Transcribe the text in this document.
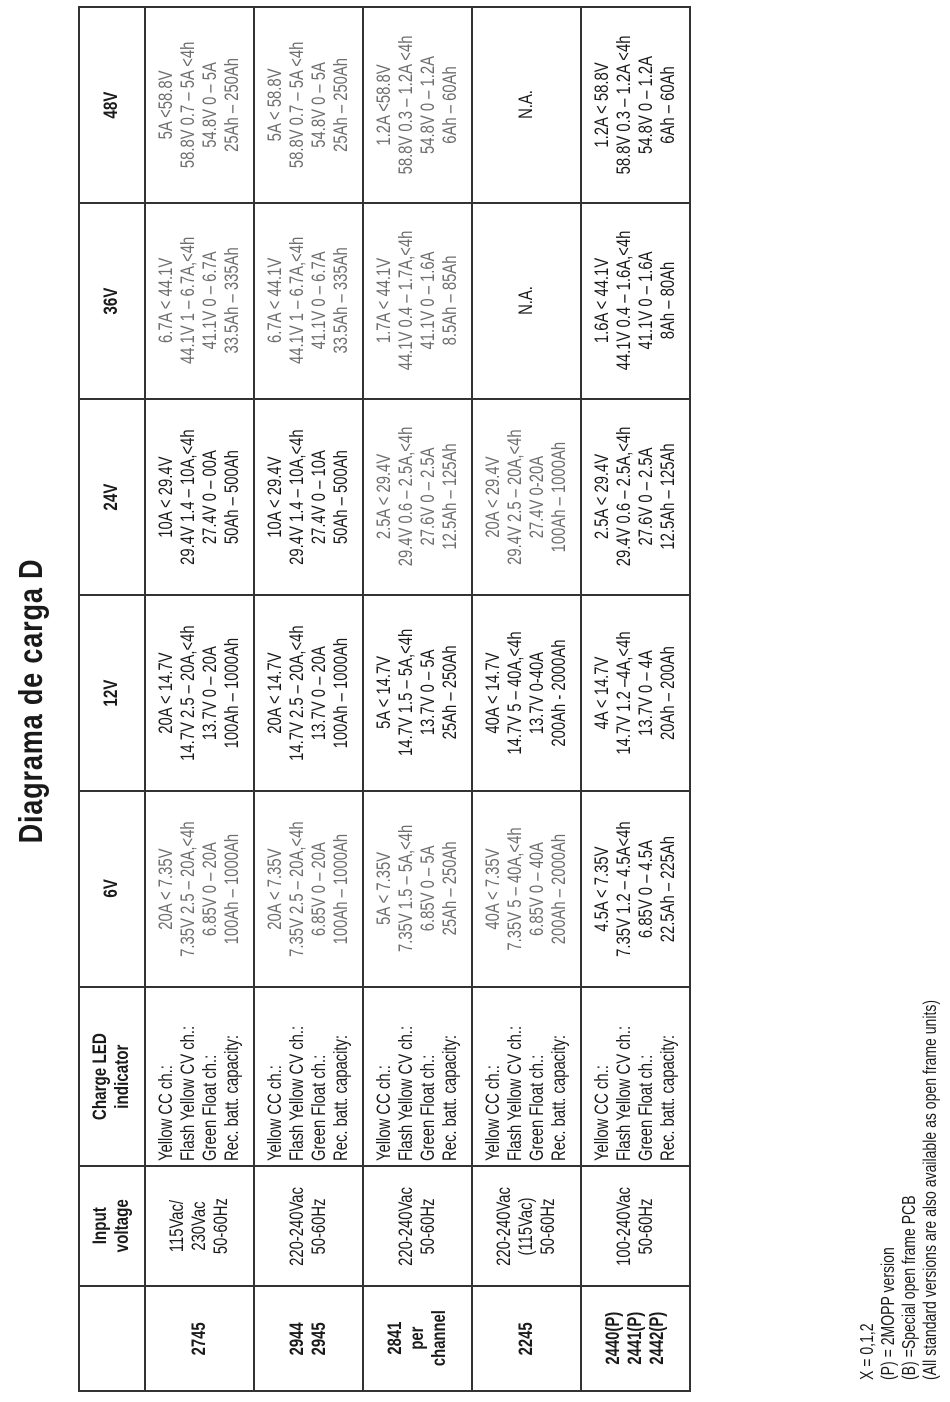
Diagrama de carga D
	Input
voltage	Charge LED
indicator	6V	12V	24V	36V	48V
2745	115Vac/
230Vac
50-60Hz	Yellow CC ch.:
Flash Yellow CV ch.:
Green Float ch.:
Rec. batt. capacity:	20A < 7.35V
7.35V 2.5 – 20A,<4h
6.85V 0 – 20A
100Ah – 1000Ah	20A < 14.7V
14.7V 2.5 – 20A,<4h
13.7V 0 – 20A
100Ah – 1000Ah	10A < 29.4V
29.4V 1.4 – 10A,<4h
27.4V 0 – 00A
50Ah – 500Ah	6.7A < 44.1V
44.1V 1 – 6.7A,<4h
41.1V 0 – 6.7A
33.5Ah – 335Ah	5A <58.8V
58.8V 0.7 – 5A <4h
54.8V 0 – 5A
25Ah – 250Ah
2944
2945	220-240Vac
50-60Hz	Yellow CC ch.:
Flash Yellow CV ch.:
Green Float ch.:
Rec. batt. capacity:	20A < 7.35V
7.35V 2.5 – 20A,<4h
6.85V 0 – 20A
100Ah – 1000Ah	20A < 14.7V
14.7V 2.5 – 20A,<4h
13.7V 0 – 20A
100Ah – 1000Ah	10A < 29.4V
29.4V 1.4 – 10A,<4h
27.4V 0 – 10A
50Ah – 500Ah	6.7A < 44.1V
44.1V 1 – 6.7A,<4h
41.1V 0 – 6.7A
33.5Ah – 335Ah	5A < 58.8V
58.8V 0.7 – 5A <4h
54.8V 0 – 5A
25Ah – 250Ah
2841
per
channel	220-240Vac
50-60Hz	Yellow CC ch.:
Flash Yellow CV ch.:
Green Float ch.:
Rec. batt. capacity:	5A < 7.35V
7.35V 1.5 – 5A,<4h
6.85V 0 – 5A
25Ah – 250Ah	5A < 14.7V
14.7V 1.5 – 5A,<4h
13.7V 0 – 5A
25Ah – 250Ah	2.5A < 29.4V
29.4V 0.6 – 2.5A,<4h
27.6V 0 – 2.5A
12.5Ah – 125Ah	1.7A < 44.1V
44.1V 0.4 – 1.7A,<4h
41.1V 0 – 1.6A
8.5Ah – 85Ah	1.2A <58.8V
58.8V 0.3 – 1.2A <4h
54.8V 0 – 1.2A
6Ah – 60Ah
2245	220-240Vac
(115Vac)
50-60Hz	Yellow CC ch.:
Flash Yellow CV ch.:
Green Float ch.:
Rec. batt. capacity:	40A < 7.35V
7.35V 5 – 40A,<4h
6.85V 0 – 40A
200Ah – 2000Ah	40A < 14.7V
14.7V 5 – 40A,<4h
13.7V 0-40A
200Ah - 2000Ah	20A < 29.4V
29.4V 2.5 – 20A,<4h
27.4V 0-20A
100Ah – 1000Ah	N.A.	N.A.
2440(P)
2441(P)
2442(P)	100-240Vac
50-60Hz	Yellow CC ch.:
Flash Yellow CV ch.:
Green Float ch.:
Rec. batt. capacity:	4.5A < 7.35V
7.35V 1.2 – 4.5A<4h
6.85V 0 – 4.5A
22.5Ah – 225Ah	4A < 14.7V
14.7V 1.2 –4A,<4h
13.7V 0 – 4A
20Ah – 200Ah	2.5A < 29.4V
29.4V 0.6 – 2.5A,<4h
27.6V 0 – 2.5A
12.5Ah – 125Ah	1.6A < 44.1V
44.1V 0.4 – 1.6A,<4h
41.1V 0 – 1.6A
8Ah – 80Ah	1.2A < 58.8V
58.8V 0.3 – 1.2A <4h
54.8V 0 – 1.2A
6Ah – 60Ah
X = 0,1,2 (P) = 2MOPP version (B) =Special open frame PCB (All standard versions are also available as open frame units)
